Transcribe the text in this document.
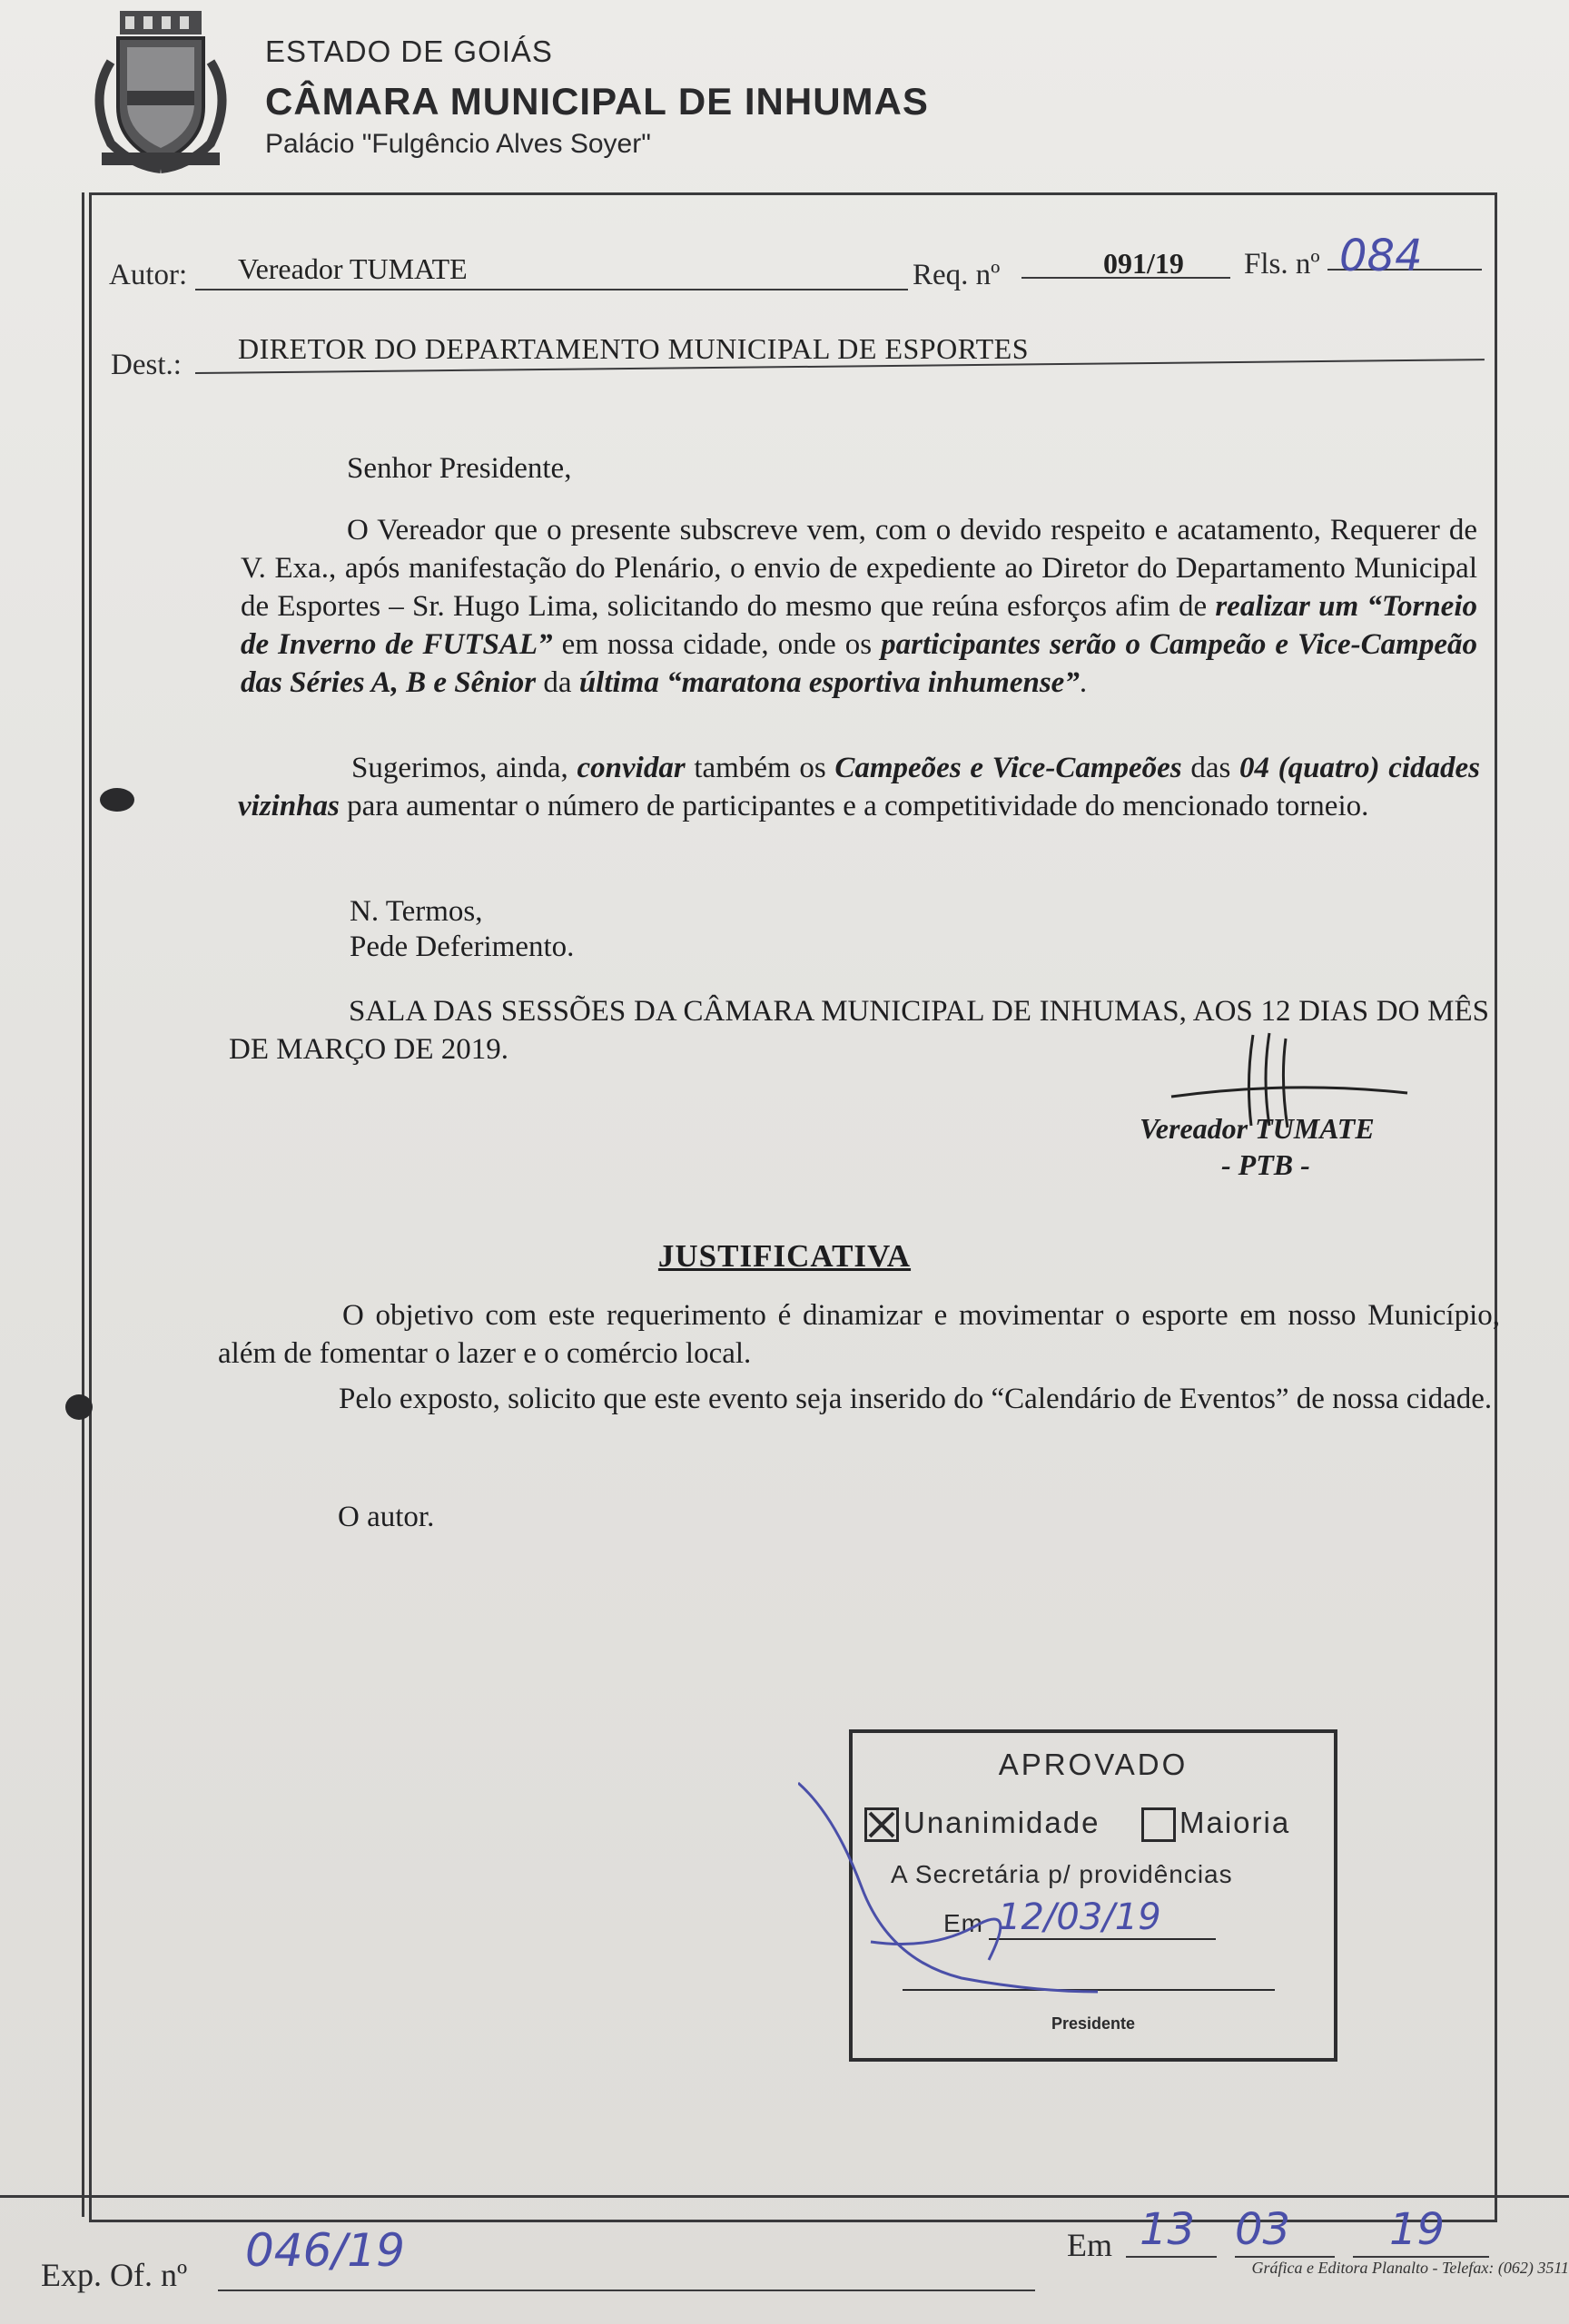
ESTADO DE GOIÁS
CÂMARA MUNICIPAL DE INHUMAS
Palácio "Fulgêncio Alves Soyer"
Autor: Vereador TUMATE	Req. nº	091/19 Fls. nº 084
Dest.: DIRETOR DO DEPARTAMENTO MUNICIPAL DE ESPORTES
Senhor Presidente,
O Vereador que o presente subscreve vem, com o devido respeito e acatamento, Requerer de V. Exa., após manifestação do Plenário, o envio de expediente ao Diretor do Departamento Municipal de Esportes – Sr. Hugo Lima, solicitando do mesmo que reúna esforços afim de realizar um “Torneio de Inverno de FUTSAL” em nossa cidade, onde os participantes serão o Campeão e Vice-Campeão das Séries A, B e Sênior da última “maratona esportiva inhumense”.
Sugerimos, ainda, convidar também os Campeões e Vice-Campeões das 04 (quatro) cidades vizinhas para aumentar o número de participantes e a competitividade do mencionado torneio.
N. Termos,
Pede Deferimento.
SALA DAS SESSÕES DA CÂMARA MUNICIPAL DE INHUMAS, AOS 12 DIAS DO MÊS DE MARÇO DE 2019.
Vereador TUMATE
- PTB -
JUSTIFICATIVA
O objetivo com este requerimento é dinamizar e movimentar o esporte em nosso Município, além de fomentar o lazer e o comércio local.
Pelo exposto, solicito que este evento seja inserido do “Calendário de Eventos” de nossa cidade.
O autor.
APROVADO
Unanimidade	Maioria
A Secretária p/ providências
Em 12/03/19
Presidente
Exp. Of. nº 046/19	Em 13 03 19
Gráfica e Editora Planalto - Telefax: (062) 3511
